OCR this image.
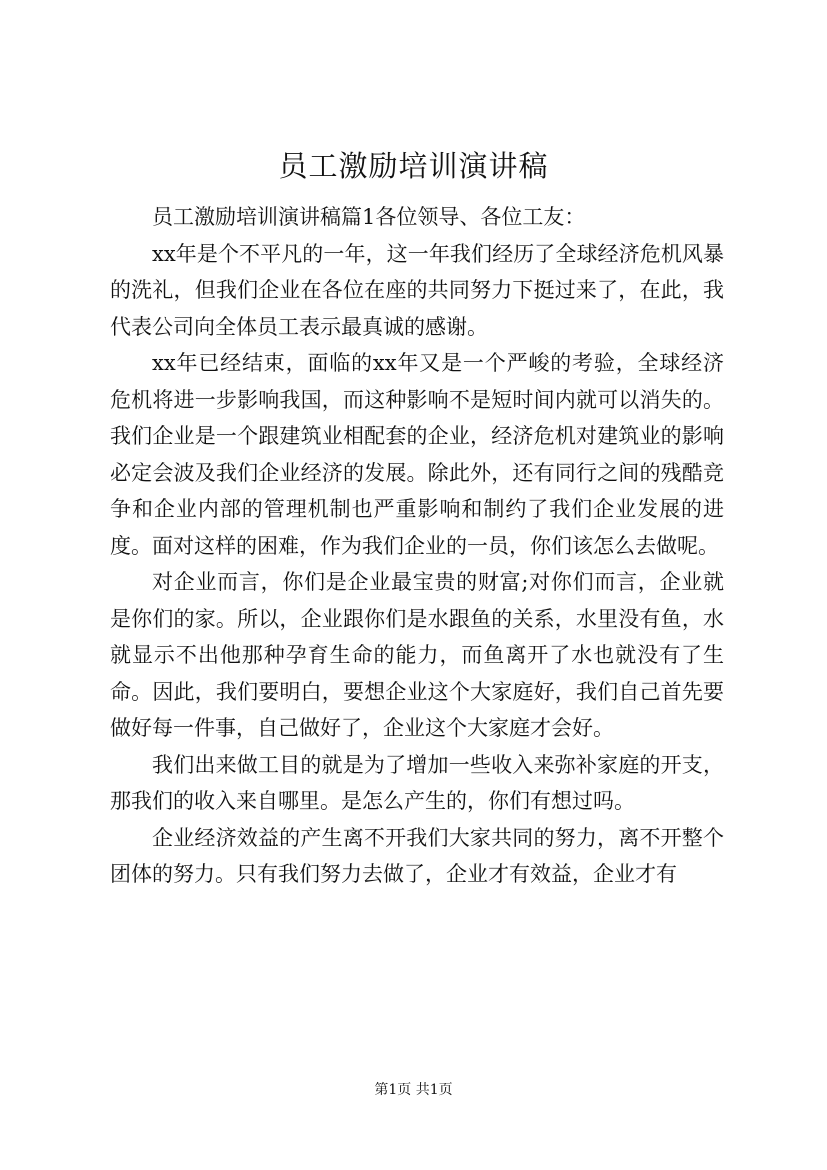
员工激励培训演讲稿

员工激励培训演讲稿篇1各位领导、各位工友：

xx年是个不平凡的一年，这一年我们经历了全球经济危机风暴的洗礼，但我们企业在各位在座的共同努力下挺过来了，在此，我代表公司向全体员工表示最真诚的感谢。

xx年已经结束，面临的xx年又是一个严峻的考验，全球经济危机将进一步影响我国，而这种影响不是短时间内就可以消失的。我们企业是一个跟建筑业相配套的企业，经济危机对建筑业的影响必定会波及我们企业经济的发展。除此外，还有同行之间的残酷竞争和企业内部的管理机制也严重影响和制约了我们企业发展的进度。面对这样的困难，作为我们企业的一员，你们该怎么去做呢。

对企业而言，你们是企业最宝贵的财富;对你们而言，企业就是你们的家。所以，企业跟你们是水跟鱼的关系，水里没有鱼，水就显示不出他那种孕育生命的能力，而鱼离开了水也就没有了生命。因此，我们要明白，要想企业这个大家庭好，我们自己首先要做好每一件事，自己做好了，企业这个大家庭才会好。

我们出来做工目的就是为了增加一些收入来弥补家庭的开支，那我们的收入来自哪里。是怎么产生的，你们有想过吗。

企业经济效益的产生离不开我们大家共同的努力，离不开整个团体的努力。只有我们努力去做了，企业才有效益，企业才有

第1页 共1页
